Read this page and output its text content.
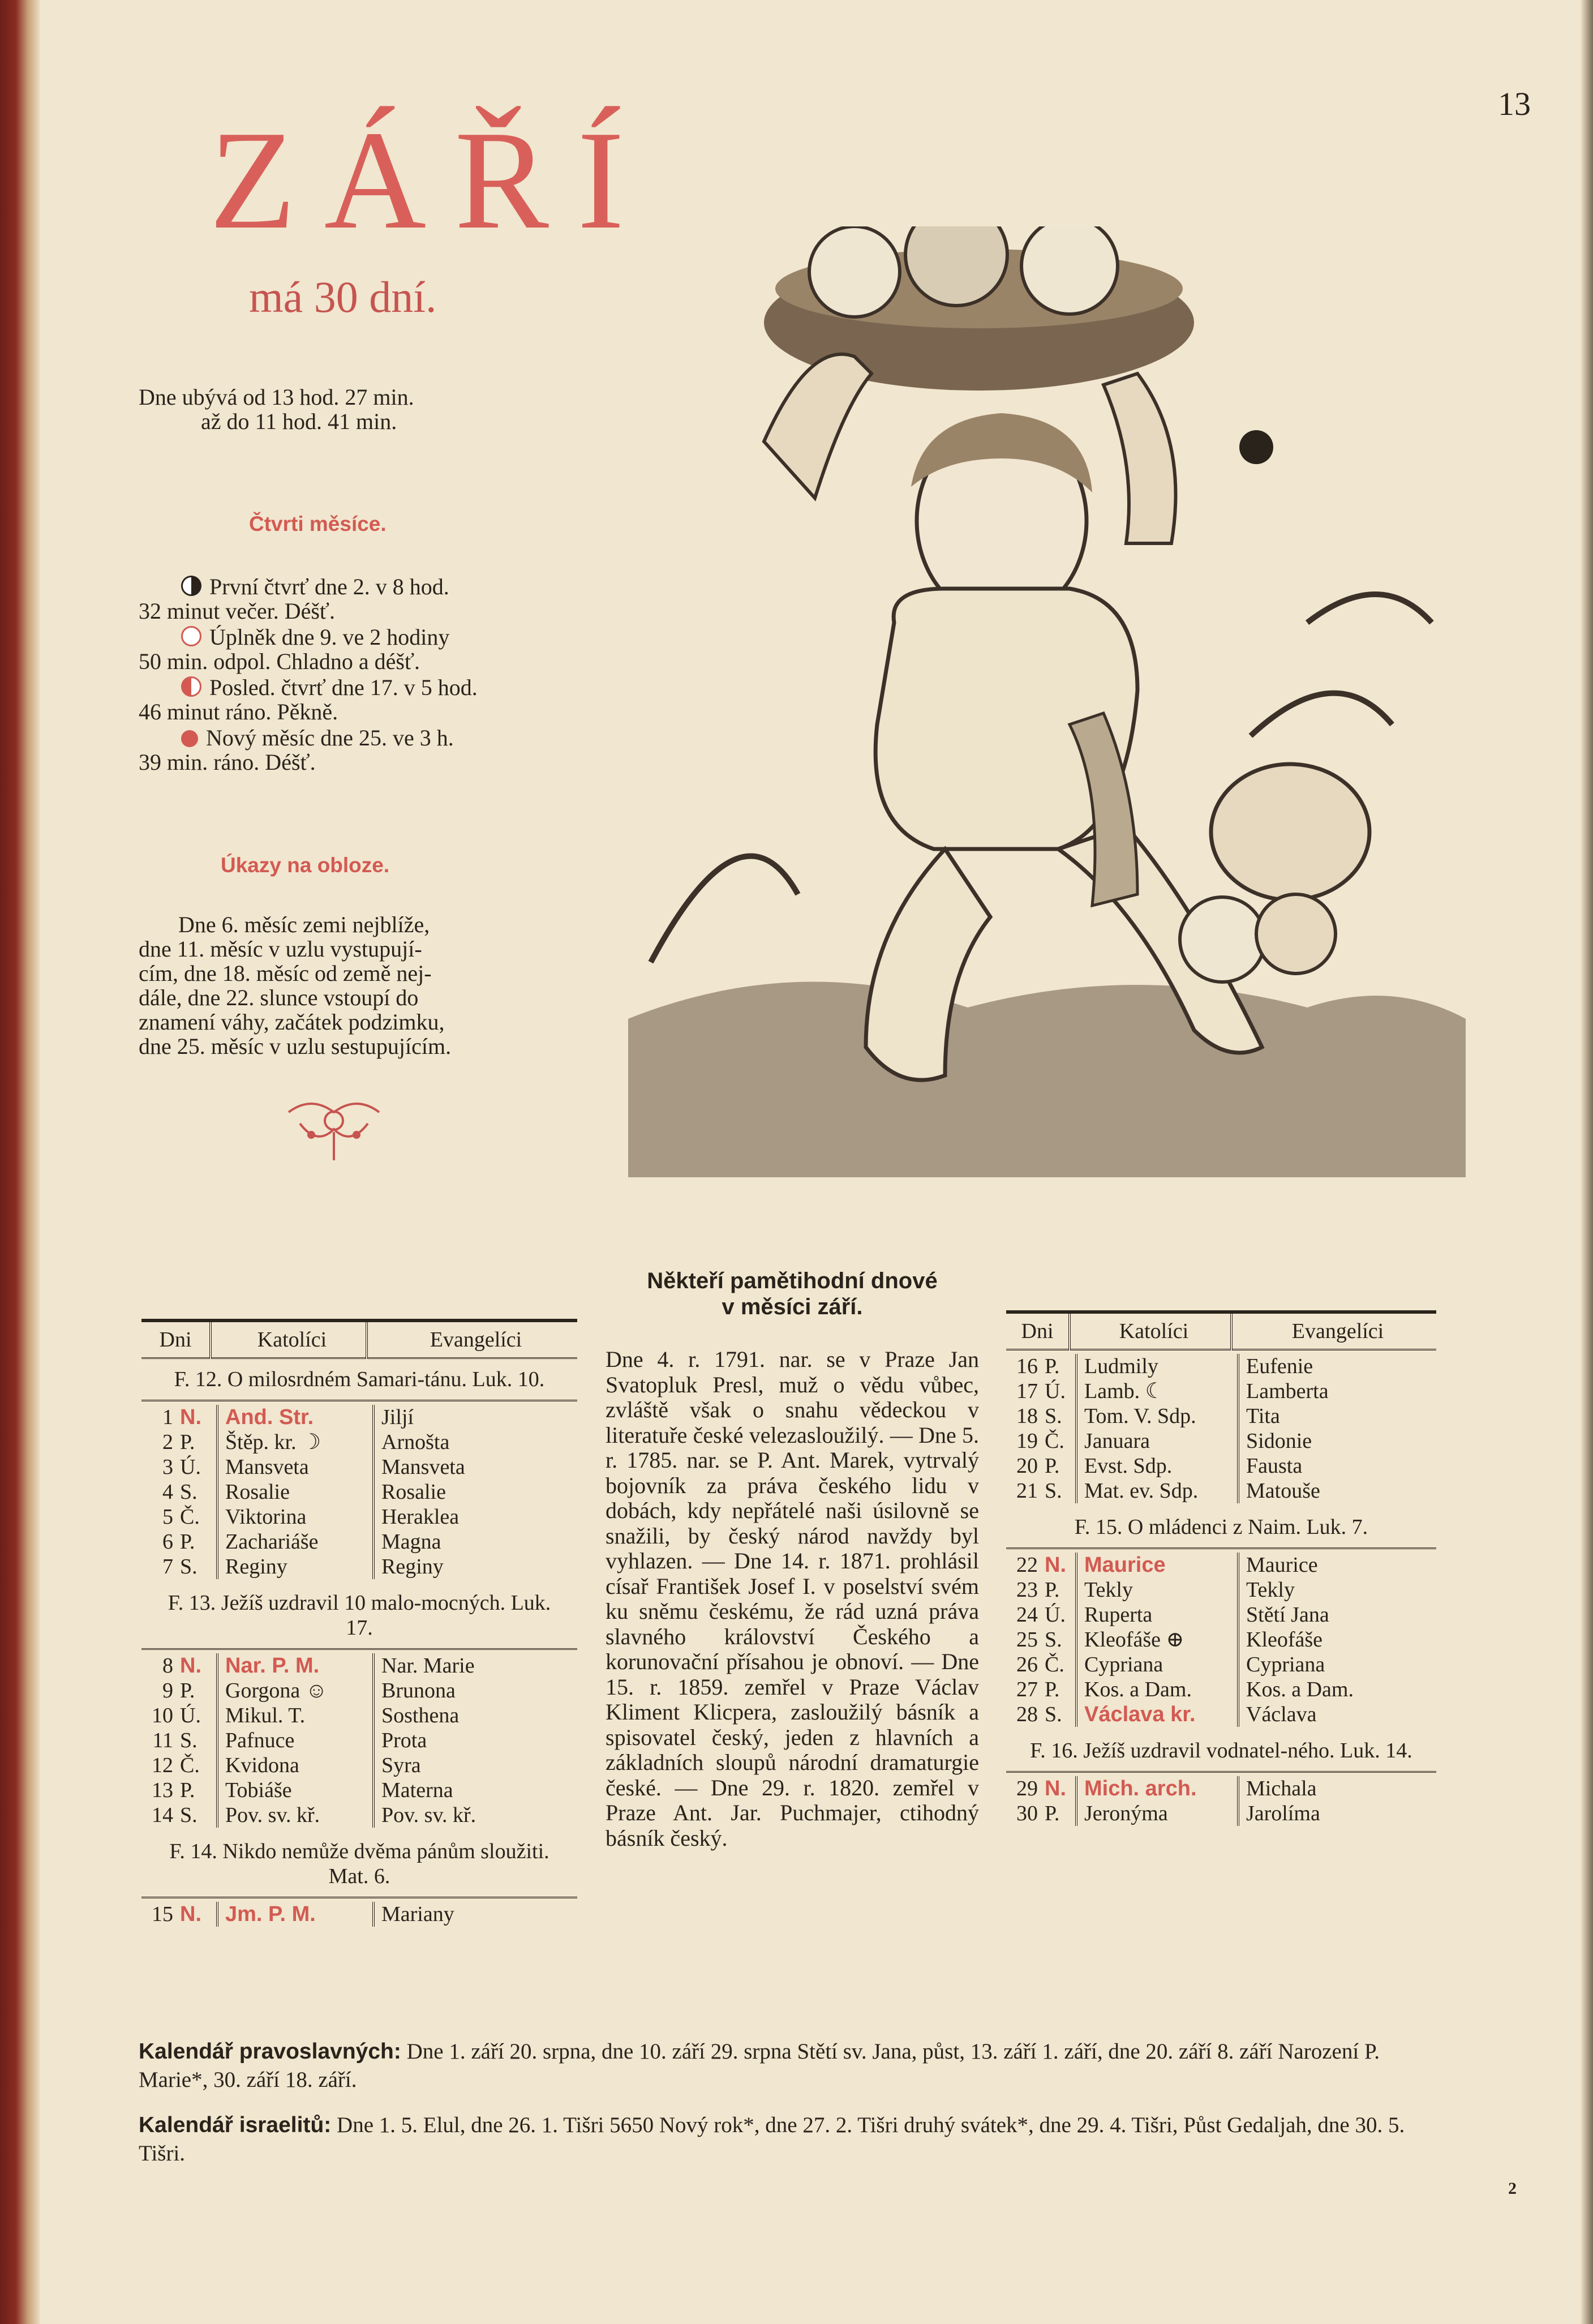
13
ZÁŘÍ
má 30 dní.
Dne ubývá od 13 hod. 27 min.
až do 11 hod. 41 min.
Čtvrti měsíce.
První čtvrť dne 2. v 8 hod.
32 minut večer. Déšť.
Úplněk dne 9. ve 2 hodiny
50 min. odpol. Chladno a déšť.
Posled. čtvrť dne 17. v 5 hod.
46 minut ráno. Pěkně.
Nový měsíc dne 25. ve 3 h.
39 min. ráno. Déšť.
Úkazy na obloze.
Dne 6. měsíc zemi nejblíže,
dne 11. měsíc v uzlu vystupují-
cím, dne 18. měsíc od země nej-
dále, dne 22. slunce vstoupí do
znamení váhy, začátek podzimku,
dne 25. měsíc v uzlu sestupujícím.
Dni	Katolíci	Evangelíci
F. 12. O milosrdném Samari-tánu. Luk. 10.
1 N.	And. Str.	Jiljí
2 P.	Štěp. kr. ☽	Arnošta
3 Ú.	Mansveta	Mansveta
4 S.	Rosalie	Rosalie
5 Č.	Viktorina	Heraklea
6 P.	Zachariáše	Magna
7 S.	Reginy	Reginy
F. 13. Ježíš uzdravil 10 malo-mocných. Luk. 17.
8 N.	Nar. P. M.	Nar. Marie
9 P.	Gorgona ☺	Brunona
10 Ú.	Mikul. T.	Sosthena
11 S.	Pafnuce	Prota
12 Č.	Kvidona	Syra
13 P.	Tobiáše	Materna
14 S.	Pov. sv. kř.	Pov. sv. kř.
F. 14. Nikdo nemůže dvěma pánům sloužiti. Mat. 6.
15 N.	Jm. P. M.	Mariany
Dni	Katolíci	Evangelíci
16 P.	Ludmily	Eufenie
17 Ú.	Lamb. ☾	Lamberta
18 S.	Tom. V. Sdp.	Tita
19 Č.	Januara	Sidonie
20 P.	Evst. Sdp.	Fausta
21 S.	Mat. ev. Sdp.	Matouše
F. 15. O mládenci z Naim. Luk. 7.
22 N.	Maurice	Maurice
23 P.	Tekly	Tekly
24 Ú.	Ruperta	Stětí Jana
25 S.	Kleofáše ⊕	Kleofáše
26 Č.	Cypriana	Cypriana
27 P.	Kos. a Dam.	Kos. a Dam.
28 S.	Václava kr.	Václava
F. 16. Ježíš uzdravil vodnatel-ného. Luk. 14.
29 N.	Mich. arch.	Michala
30 P.	Jeronýma	Jarolíma
Někteří pamětihodní dnové
v měsíci září.
Dne 4. r. 1791. nar. se v Praze Jan Svatopluk Presl, muž o vědu vůbec, zvláště však o snahu vědeckou v literatuře české velezasloužilý. — Dne 5. r. 1785. nar. se P. Ant. Marek, vytrvalý bojovník za práva českého lidu v dobách, kdy nepřátelé naši úsilovně se snažili, by český národ navždy byl vyhlazen. — Dne 14. r. 1871. prohlásil císař František Josef I. v poselství svém ku sněmu českému, že rád uzná práva slavného království Českého a korunovační přísahou je obnoví. — Dne 15. r. 1859. zemřel v Praze Václav Kliment Klicpera, zasloužilý básník a spisovatel český, jeden z hlavních a základních sloupů národní dramaturgie české. — Dne 29. r. 1820. zemřel v Praze Ant. Jar. Puchmajer, ctihodný básník český.
Kalendář pravoslavných: Dne 1. září 20. srpna, dne 10. září 29. srpna Stětí sv. Jana, půst, 13. září 1. září, dne 20. září 8. září Narození P. Marie*, 30. září 18. září.
Kalendář israelitů: Dne 1. 5. Elul, dne 26. 1. Tišri 5650 Nový rok*, dne 27. 2. Tišri druhý svátek*, dne 29. 4. Tišri, Půst Gedaljah, dne 30. 5. Tišri.
2
